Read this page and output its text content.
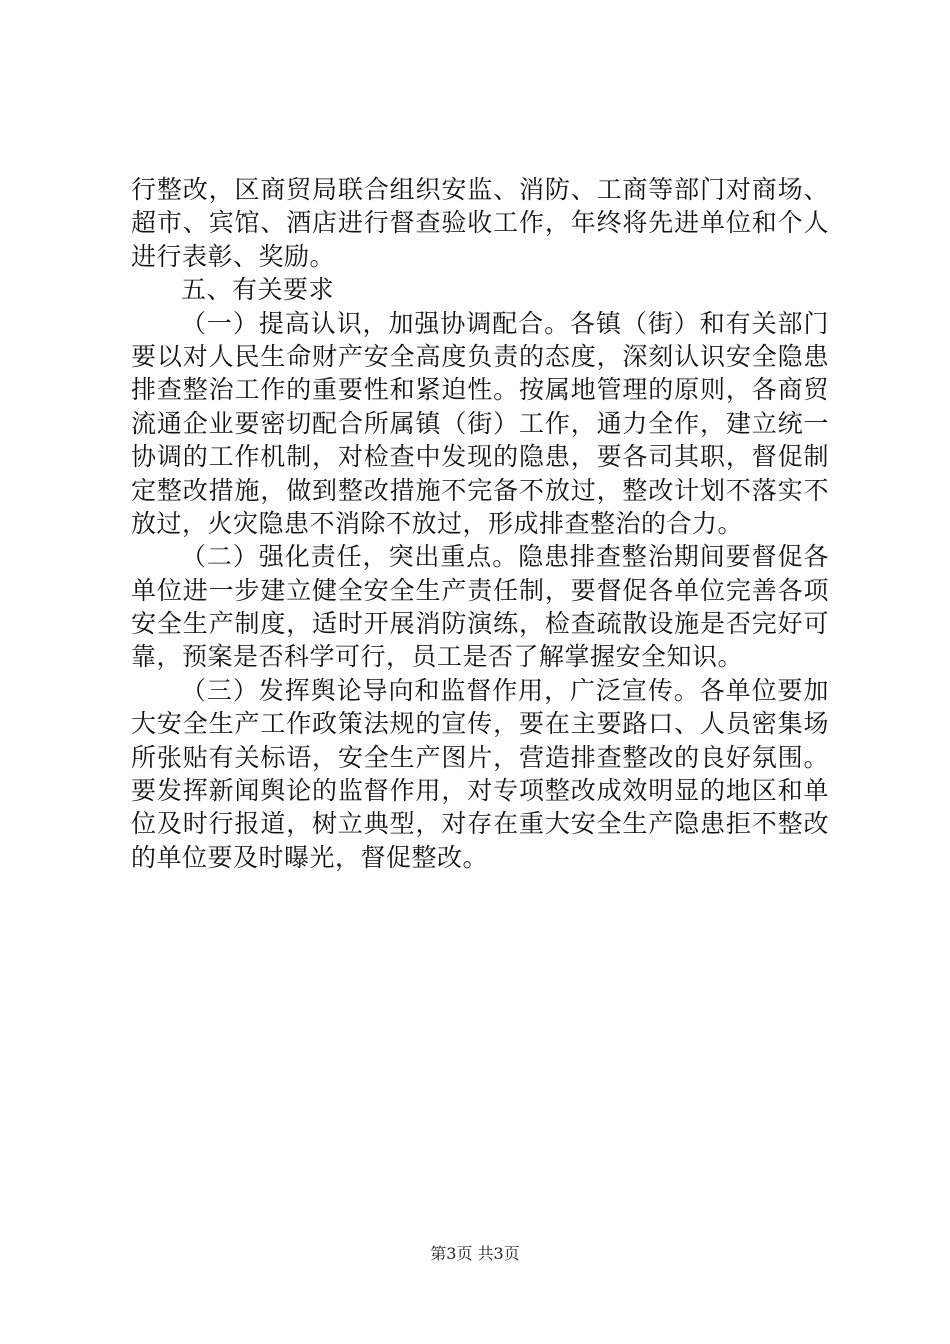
行整改，区商贸局联合组织安监、消防、工商等部门对商场、
超市、宾馆、酒店进行督查验收工作，年终将先进单位和个人
进行表彰、奖励。
五、有关要求
（一）提高认识，加强协调配合。各镇（街）和有关部门
要以对人民生命财产安全高度负责的态度，深刻认识安全隐患
排查整治工作的重要性和紧迫性。按属地管理的原则，各商贸
流通企业要密切配合所属镇（街）工作，通力全作，建立统一
协调的工作机制，对检查中发现的隐患，要各司其职，督促制
定整改措施，做到整改措施不完备不放过，整改计划不落实不
放过，火灾隐患不消除不放过，形成排查整治的合力。
（二）强化责任，突出重点。隐患排查整治期间要督促各
单位进一步建立健全安全生产责任制，要督促各单位完善各项
安全生产制度，适时开展消防演练，检查疏散设施是否完好可
靠，预案是否科学可行，员工是否了解掌握安全知识。
（三）发挥舆论导向和监督作用，广泛宣传。各单位要加
大安全生产工作政策法规的宣传，要在主要路口、人员密集场
所张贴有关标语，安全生产图片，营造排查整改的良好氛围。
要发挥新闻舆论的监督作用，对专项整改成效明显的地区和单
位及时行报道，树立典型，对存在重大安全生产隐患拒不整改
的单位要及时曝光，督促整改。
第3页 共3页
